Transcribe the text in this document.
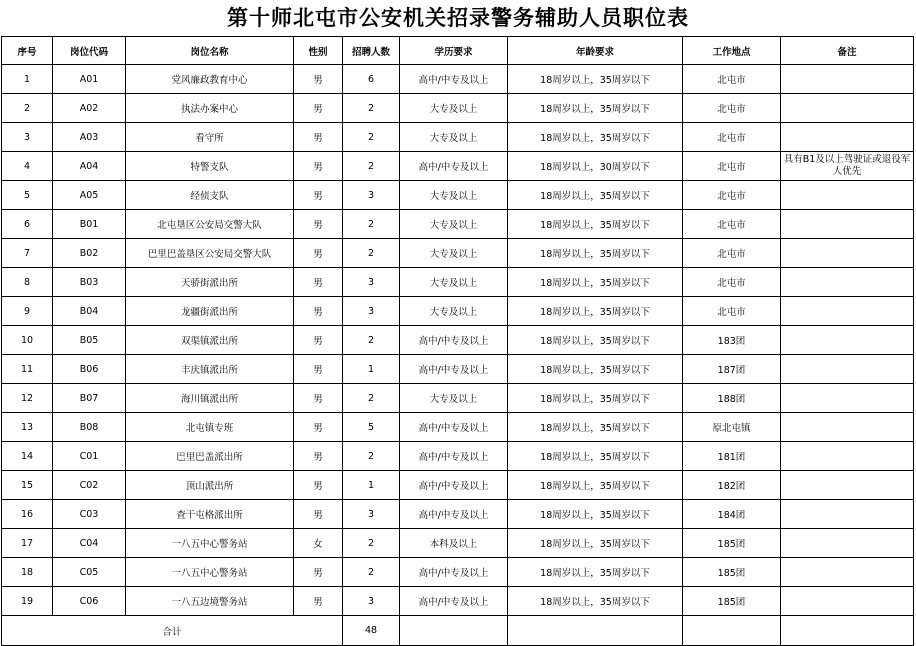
第十师北屯市公安机关招录警务辅助人员职位表
序号	岗位代码	岗位名称	性别	招聘人数	学历要求	年龄要求	工作地点	备注
1	A01	党风廉政教育中心	男	6	高中/中专及以上	18周岁以上，35周岁以下	北屯市	
2	A02	执法办案中心	男	2	大专及以上	18周岁以上，35周岁以下	北屯市	
3	A03	看守所	男	2	大专及以上	18周岁以上，35周岁以下	北屯市	
4	A04	特警支队	男	2	高中/中专及以上	18周岁以上，30周岁以下	北屯市	具有B1及以上驾驶证或退役军人优先
5	A05	经侦支队	男	3	大专及以上	18周岁以上，35周岁以下	北屯市	
6	B01	北屯垦区公安局交警大队	男	2	大专及以上	18周岁以上，35周岁以下	北屯市	
7	B02	巴里巴盖垦区公安局交警大队	男	2	大专及以上	18周岁以上，35周岁以下	北屯市	
8	B03	天骄街派出所	男	3	大专及以上	18周岁以上，35周岁以下	北屯市	
9	B04	龙疆街派出所	男	3	大专及以上	18周岁以上，35周岁以下	北屯市	
10	B05	双渠镇派出所	男	2	高中/中专及以上	18周岁以上，35周岁以下	183团	
11	B06	丰庆镇派出所	男	1	高中/中专及以上	18周岁以上，35周岁以下	187团	
12	B07	海川镇派出所	男	2	大专及以上	18周岁以上，35周岁以下	188团	
13	B08	北屯镇专班	男	5	高中/中专及以上	18周岁以上，35周岁以下	原北屯镇	
14	C01	巴里巴盖派出所	男	2	高中/中专及以上	18周岁以上，35周岁以下	181团	
15	C02	顶山派出所	男	1	高中/中专及以上	18周岁以上，35周岁以下	182团	
16	C03	査干屯格派出所	男	3	高中/中专及以上	18周岁以上，35周岁以下	184团	
17	C04	一八五中心警务站	女	2	本科及以上	18周岁以上，35周岁以下	185团	
18	C05	一八五中心警务站	男	2	高中/中专及以上	18周岁以上，35周岁以下	185团	
19	C06	一八五边境警务站	男	3	高中/中专及以上	18周岁以上，35周岁以下	185团	
合计				48				
